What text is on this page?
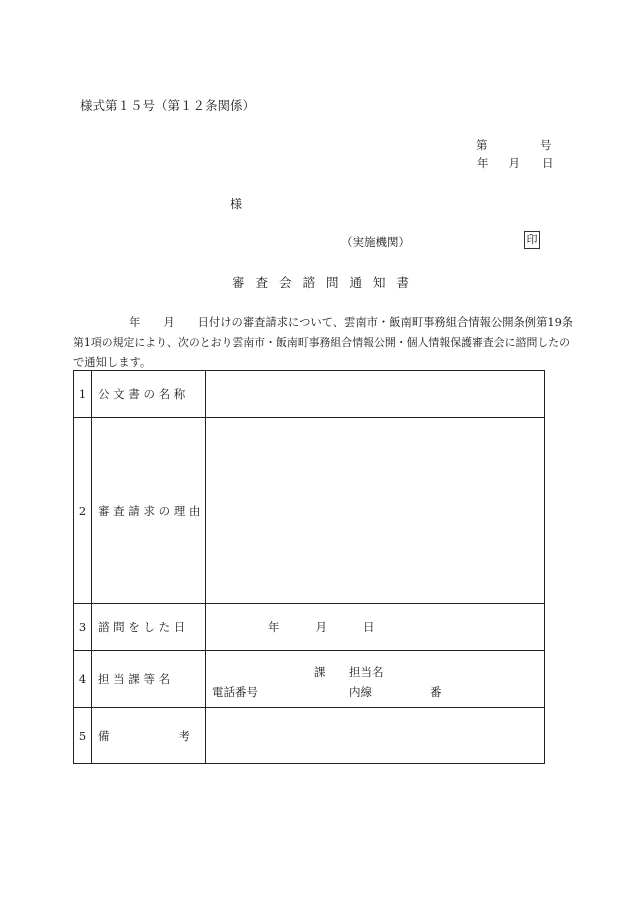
様式第１５号（第１２条関係）
第	号
年 月 日
様
（実施機関）	印
審査会諮問通知書
年 月 日付けの審査請求について、雲南市・飯南町事務組合情報公開条例第19条
第1項の規定により、次のとおり雲南市・飯南町事務組合情報公開・個人情報保護審査会に諮問したの
で通知します。
1	公 文 書 の 名 称	
2	審 査 請 求 の 理 由	
3	諮 問 を し た 日	年 月 日

4	担 当 課 等 名	課 担当名
電話番号 内線 番

5	備 考	
